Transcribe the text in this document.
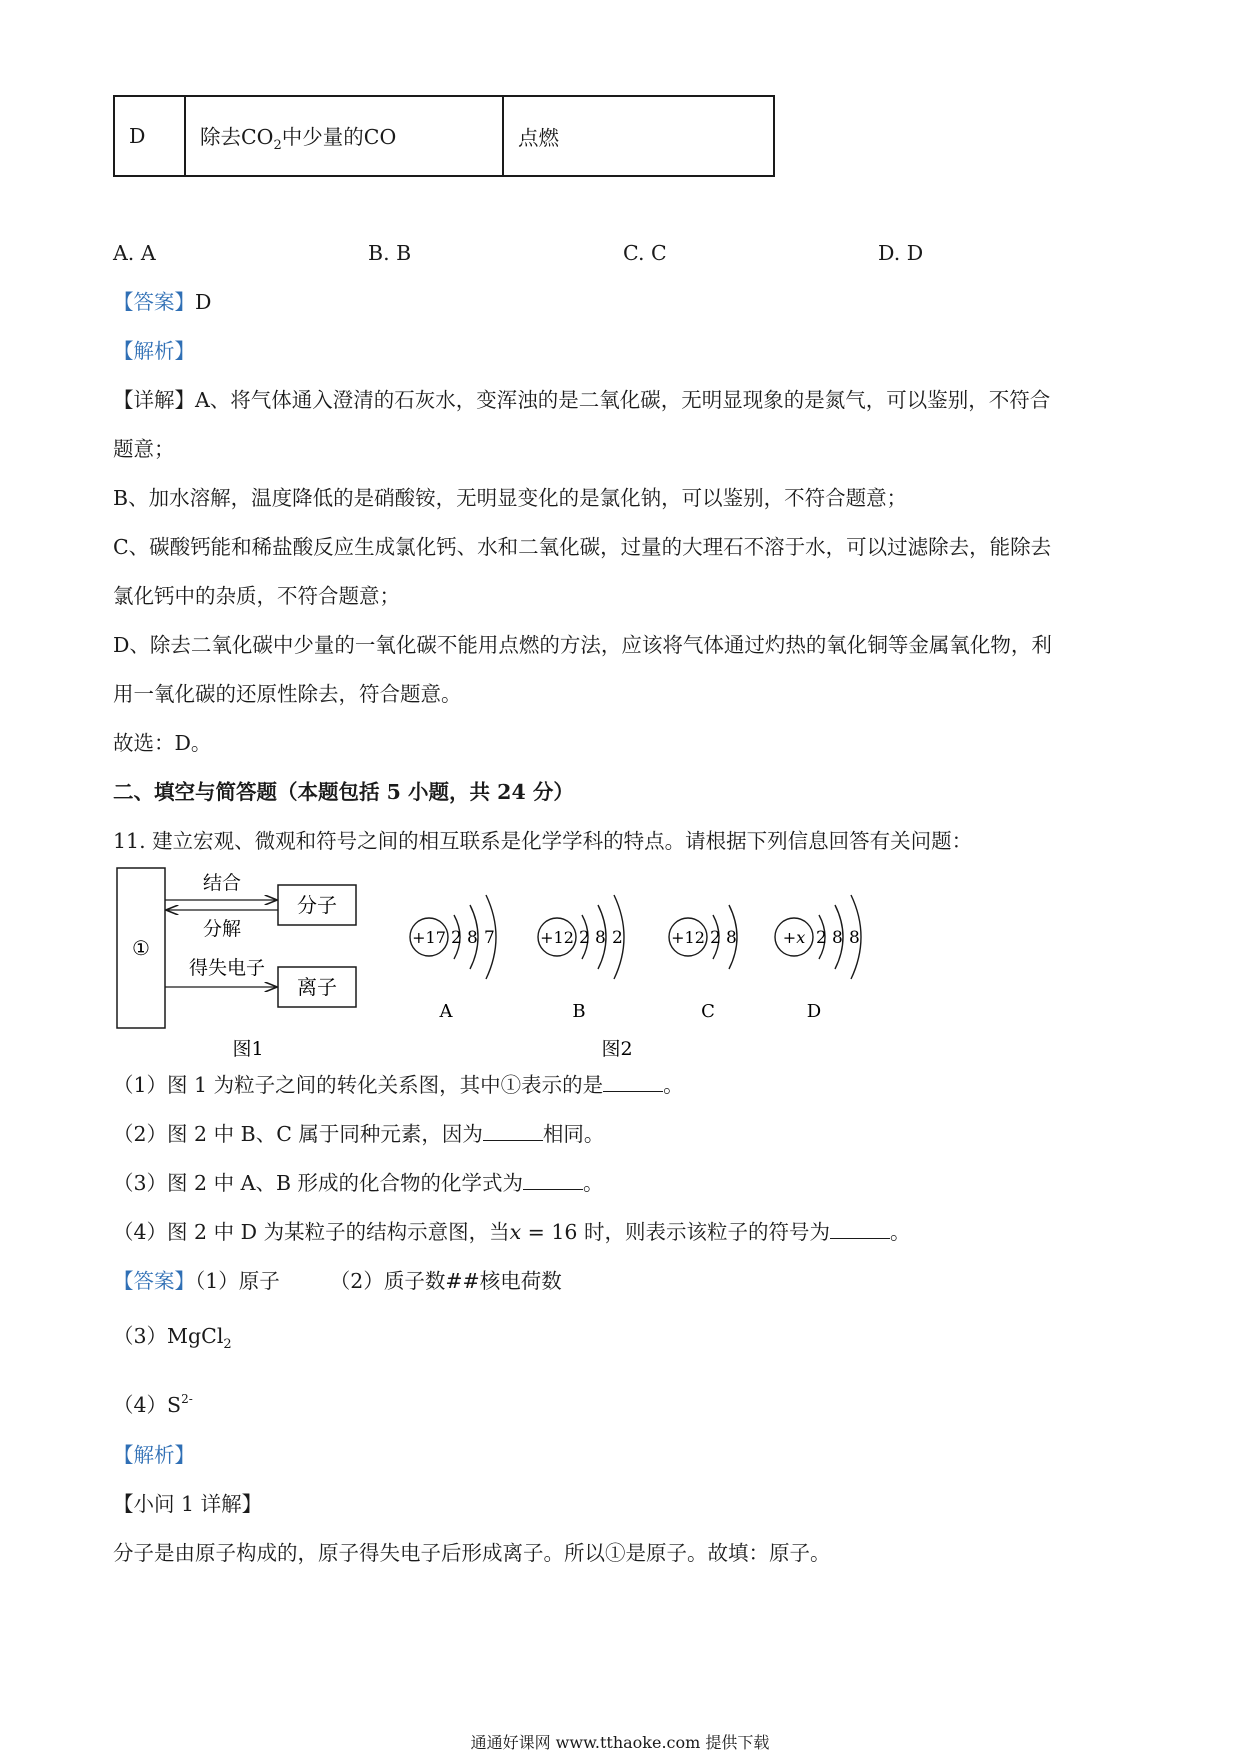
D	除去$CO_2$中少量的CO	点燃
A. A	B. B	C. C	D. D
【答案】D
【解析】
【详解】A、将气体通入澄清的石灰水，变浑浊的是二氧化碳，无明显现象的是氮气，可以鉴别，不符合
题意；
B、加水溶解，温度降低的是硝酸铵，无明显变化的是氯化钠，可以鉴别，不符合题意；
C、碳酸钙能和稀盐酸反应生成氯化钙、水和二氧化碳，过量的大理石不溶于水，可以过滤除去，能除去
氯化钙中的杂质，不符合题意；
D、除去二氧化碳中少量的一氧化碳不能用点燃的方法，应该将气体通过灼热的氧化铜等金属氧化物，利
用一氧化碳的还原性除去，符合题意。
故选：D。
二、填空与简答题（本题包括 5 小题，共 24 分）
11. 建立宏观、微观和符号之间的相互联系是化学学科的特点。请根据下列信息回答有关问题：
①
分子
离子
结合
分解
得失电子
图1
+17 2 8 7
A
+12 2 8 2
B
+12 2 8
C
+x 2 8 8
D
图2
（1）图 1 为粒子之间的转化关系图，其中①表示的是	。
（2）图 2 中 B、C 属于同种元素，因为	相同。
（3）图 2 中 A、B 形成的化合物的化学式为	。
（4）图 2 中 D 为某粒子的结构示意图，当x = 16 时，则表示该粒子的符号为	。
【答案】（1）原子 （2）质子数##核电荷数
（3）MgCl$_2$
$(4)S^{2-}$
【解析】
【小问 1 详解】
分子是由原子构成的，原子得失电子后形成离子。所以①是原子。故填：原子。
通通好课网 www.tthaoke.com 提供下载
